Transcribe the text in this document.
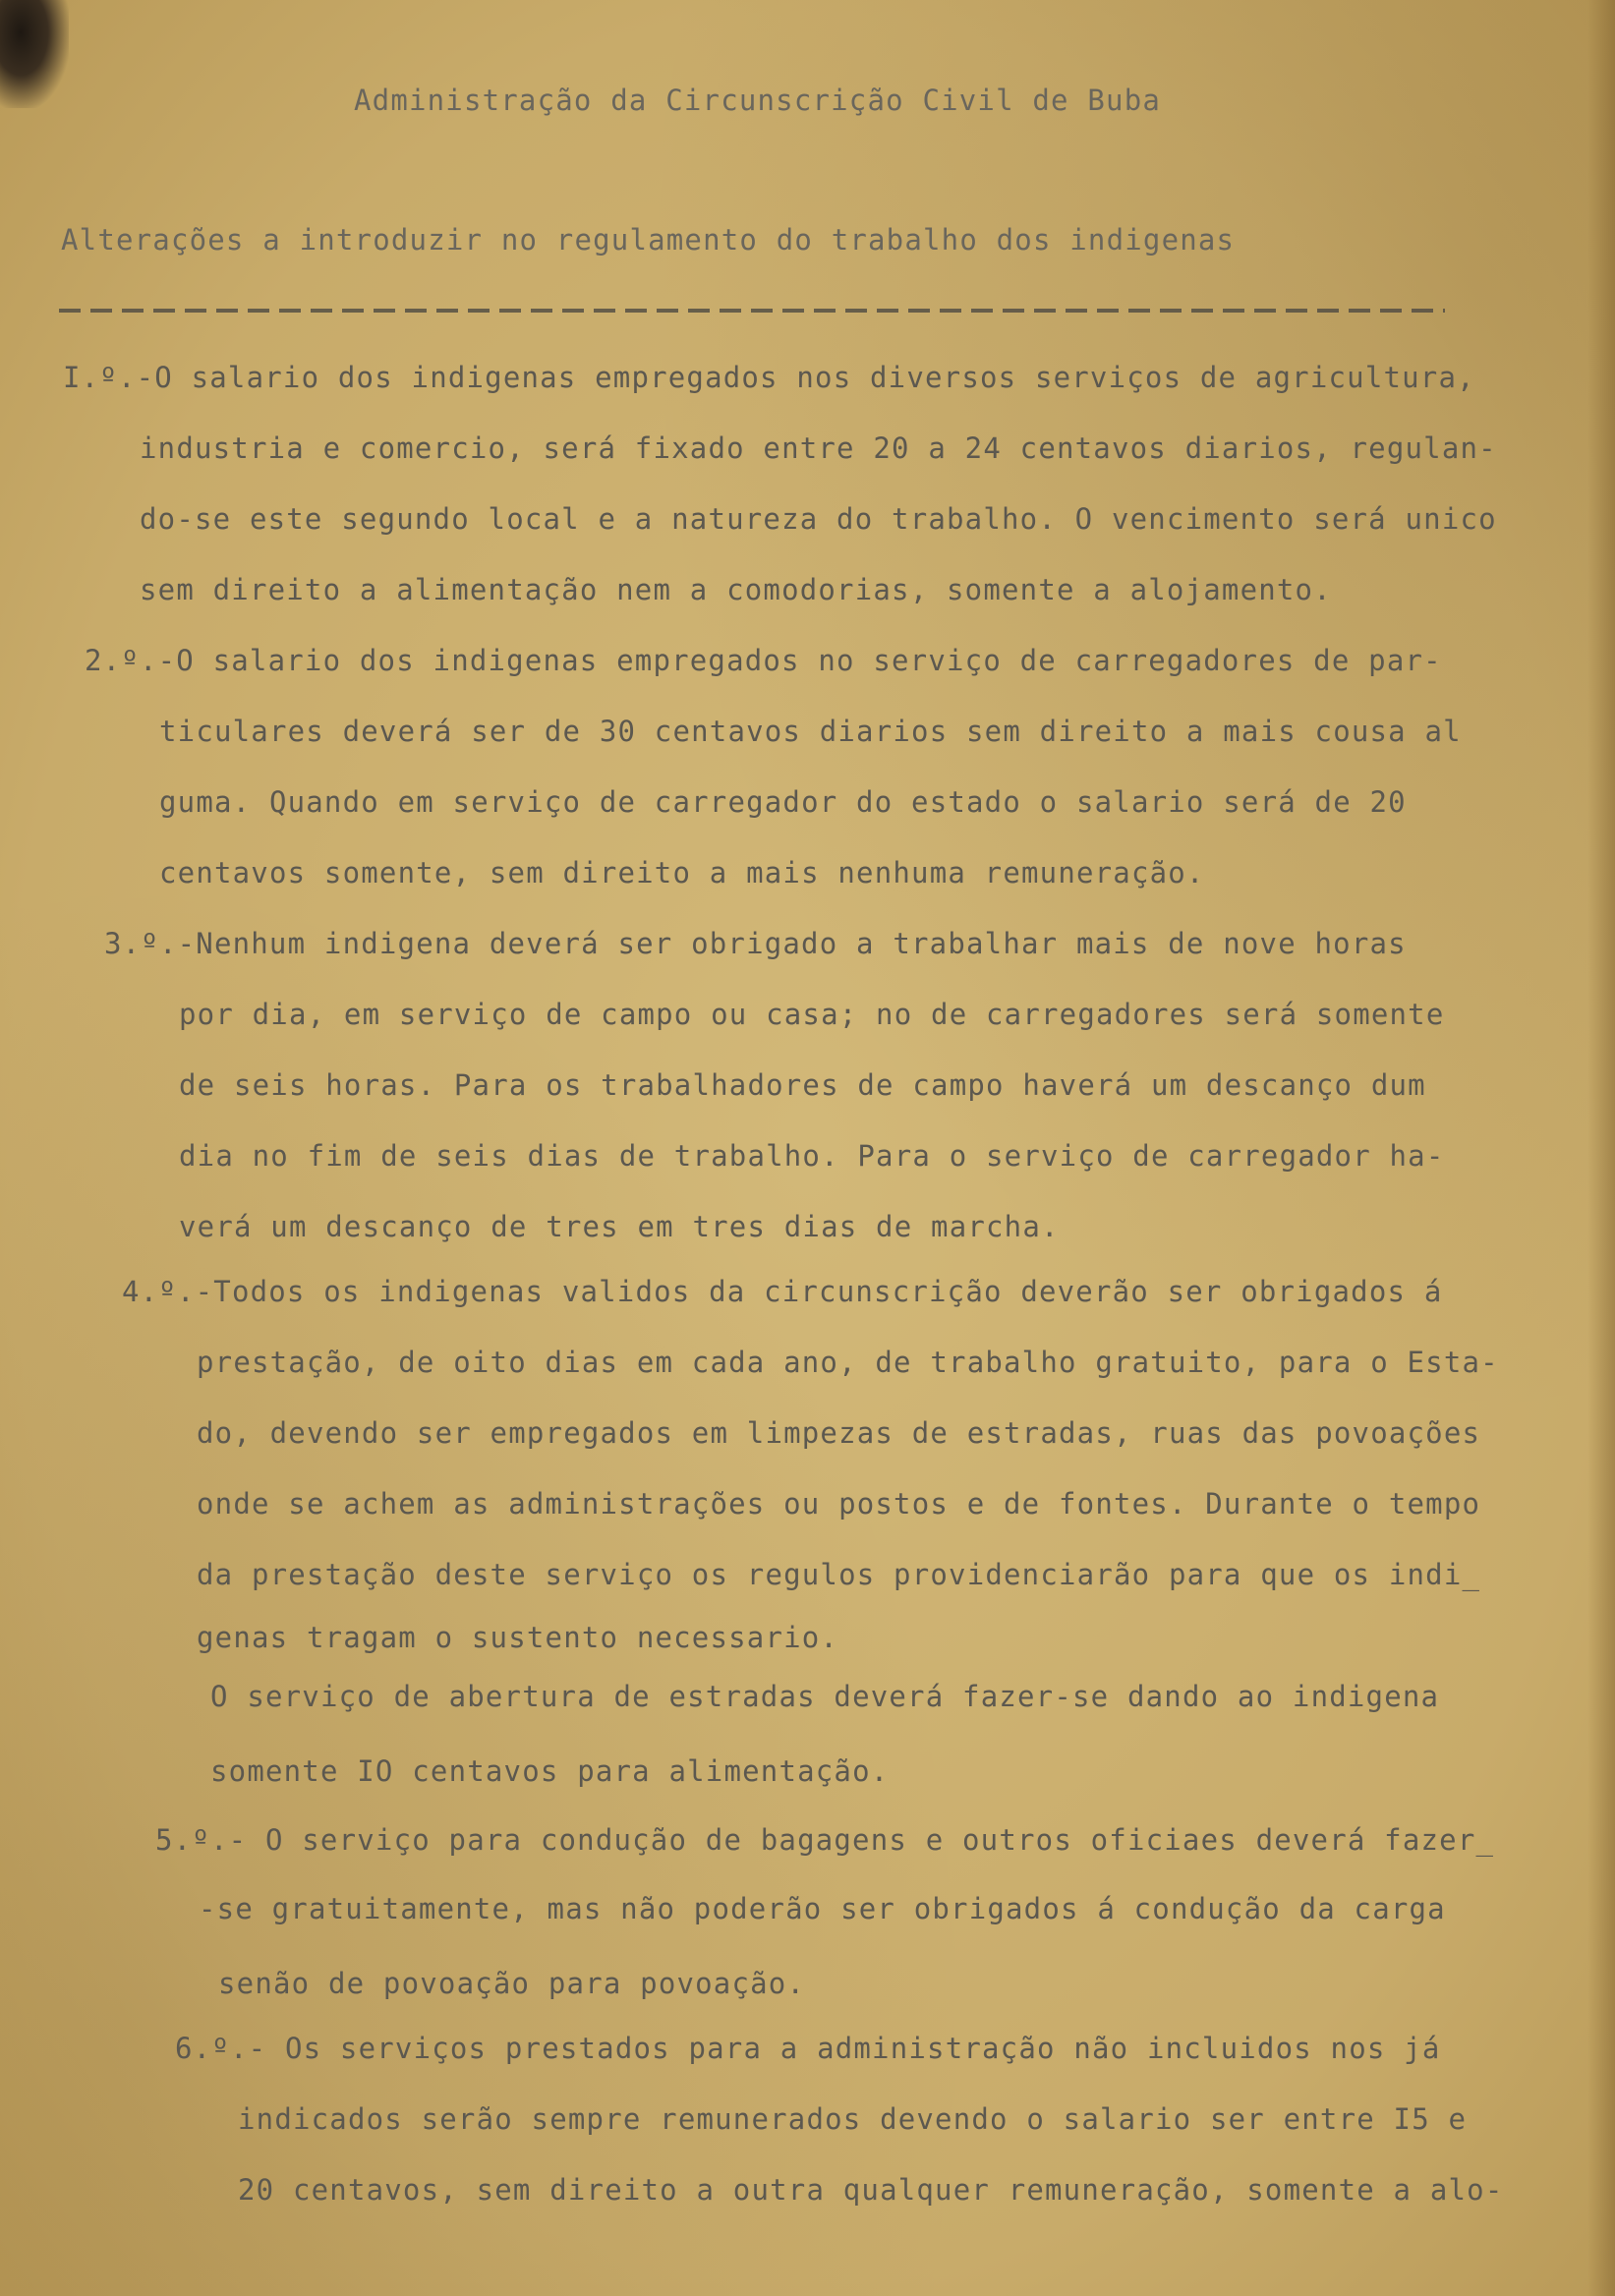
Administração da Circunscrição Civil de Buba
Alterações a introduzir no regulamento do trabalho dos indigenas
I.º.-O salario dos indigenas empregados nos diversos serviços de agricultura,
industria e comercio, será fixado entre 20 a 24 centavos diarios, regulan-
do-se este segundo local e a natureza do trabalho. O vencimento será unico
sem direito a alimentação nem a comodorias, somente a alojamento.
2.º.-O salario dos indigenas empregados no serviço de carregadores de par-
ticulares deverá ser de 30 centavos diarios sem direito a mais cousa al
guma. Quando em serviço de carregador do estado o salario será de 20
centavos somente, sem direito a mais nenhuma remuneração.
3.º.-Nenhum indigena deverá ser obrigado a trabalhar mais de nove horas
por dia, em serviço de campo ou casa; no de carregadores será somente
de seis horas. Para os trabalhadores de campo haverá um descanço dum
dia no fim de seis dias de trabalho. Para o serviço de carregador ha-
verá um descanço de tres em tres dias de marcha.
4.º.-Todos os indigenas validos da circunscrição deverão ser obrigados á
prestação, de oito dias em cada ano, de trabalho gratuito, para o Esta-
do, devendo ser empregados em limpezas de estradas, ruas das povoações
onde se achem as administrações ou postos e de fontes. Durante o tempo
da prestação deste serviço os regulos providenciarão para que os indi_
genas tragam o sustento necessario.
O serviço de abertura de estradas deverá fazer-se dando ao indigena
somente IO centavos para alimentação.
5.º.- O serviço para condução de bagagens e outros oficiaes deverá fazer_
-se gratuitamente, mas não poderão ser obrigados á condução da carga
senão de povoação para povoação.
6.º.- Os serviços prestados para a administração não incluidos nos já
indicados serão sempre remunerados devendo o salario ser entre I5 e
20 centavos, sem direito a outra qualquer remuneração, somente a alo-
